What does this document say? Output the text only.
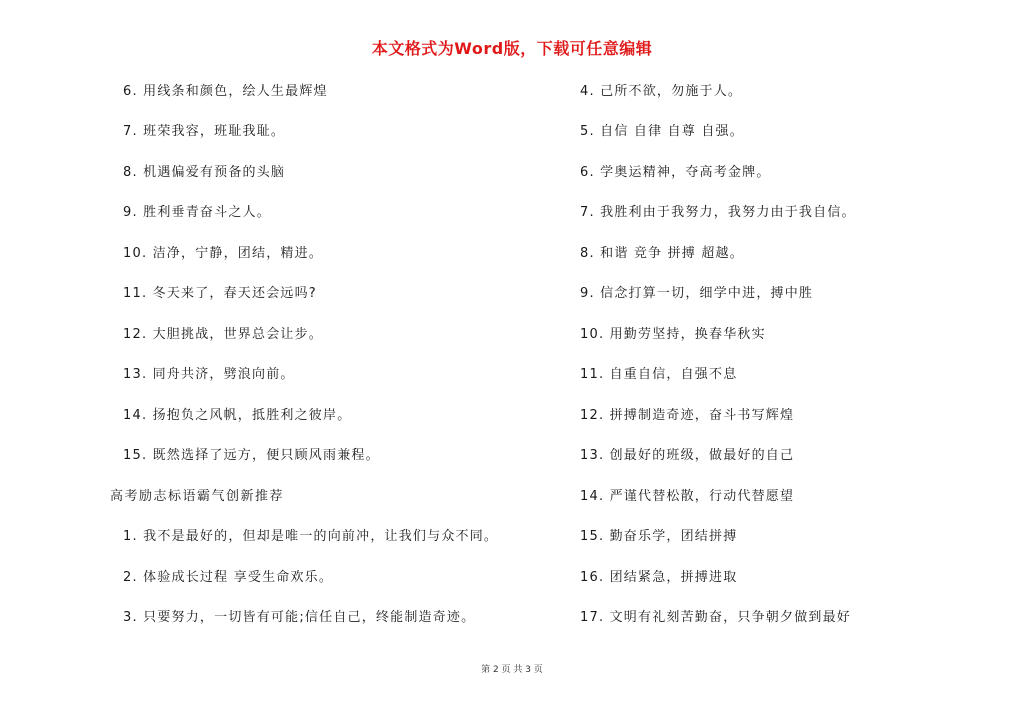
本文格式为Word版，下载可任意编辑
6. 用线条和颜色，绘人生最辉煌
7. 班荣我容，班耻我耻。
8. 机遇偏爱有预备的头脑
9. 胜利垂青奋斗之人。
10. 洁净，宁静，团结，精进。
11. 冬天来了，春天还会远吗?
12. 大胆挑战，世界总会让步。
13. 同舟共济，劈浪向前。
14. 扬抱负之风帆，抵胜利之彼岸。
15. 既然选择了远方，便只顾风雨兼程。
高考励志标语霸气创新推荐
1. 我不是最好的，但却是唯一的向前冲，让我们与众不同。
2. 体验成长过程 享受生命欢乐。
3. 只要努力，一切皆有可能;信任自己，终能制造奇迹。
4. 己所不欲，勿施于人。
5. 自信 自律 自尊 自强。
6. 学奥运精神，夺高考金牌。
7. 我胜利由于我努力，我努力由于我自信。
8. 和谐 竞争 拼搏 超越。
9. 信念打算一切，细学中进，搏中胜
10. 用勤劳坚持，换春华秋实
11. 自重自信，自强不息
12. 拼搏制造奇迹，奋斗书写辉煌
13. 创最好的班级，做最好的自己
14. 严谨代替松散，行动代替愿望
15. 勤奋乐学，团结拼搏
16. 团结紧急，拼搏进取
17. 文明有礼刻苦勤奋，只争朝夕做到最好
第 2 页 共 3 页
